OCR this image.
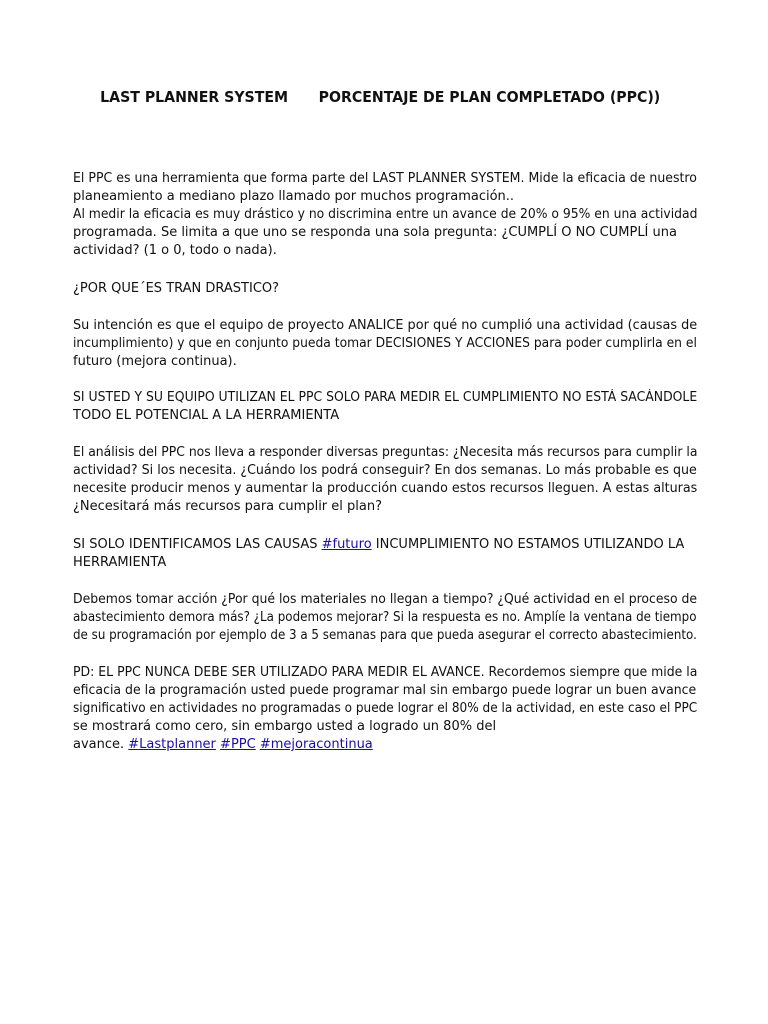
LAST PLANNER SYSTEM PORCENTAJE DE PLAN COMPLETADO (PPC))
El PPC es una herramienta que forma parte del LAST PLANNER SYSTEM. Mide la eficacia de nuestro
planeamiento a mediano plazo llamado por muchos programación..
Al medir la eficacia es muy drástico y no discrimina entre un avance de 20% o 95% en una actividad
programada. Se limita a que uno se responda una sola pregunta: ¿CUMPLÍ O NO CUMPLÍ una
actividad? (1 o 0, todo o nada).
¿POR QUE´ES TRAN DRASTICO?
Su intención es que el equipo de proyecto ANALICE por qué no cumplió una actividad (causas de
incumplimiento) y que en conjunto pueda tomar DECISIONES Y ACCIONES para poder cumplirla en el
futuro (mejora continua).
SI USTED Y SU EQUIPO UTILIZAN EL PPC SOLO PARA MEDIR EL CUMPLIMIENTO NO ESTÁ SACÁNDOLE
TODO EL POTENCIAL A LA HERRAMIENTA
El análisis del PPC nos lleva a responder diversas preguntas: ¿Necesita más recursos para cumplir la
actividad? Si los necesita. ¿Cuándo los podrá conseguir? En dos semanas. Lo más probable es que
necesite producir menos y aumentar la producción cuando estos recursos lleguen. A estas alturas
¿Necesitará más recursos para cumplir el plan?
SI SOLO IDENTIFICAMOS LAS CAUSAS #futuro INCUMPLIMIENTO NO ESTAMOS UTILIZANDO LA
HERRAMIENTA
Debemos tomar acción ¿Por qué los materiales no llegan a tiempo? ¿Qué actividad en el proceso de
abastecimiento demora más? ¿La podemos mejorar? Si la respuesta es no. Amplíe la ventana de tiempo
de su programación por ejemplo de 3 a 5 semanas para que pueda asegurar el correcto abastecimiento.
PD: EL PPC NUNCA DEBE SER UTILIZADO PARA MEDIR EL AVANCE. Recordemos siempre que mide la
eficacia de la programación usted puede programar mal sin embargo puede lograr un buen avance
significativo en actividades no programadas o puede lograr el 80% de la actividad, en este caso el PPC
se mostrará como cero, sin embargo usted a logrado un 80% del
avance. #Lastplanner #PPC #mejoracontinua
